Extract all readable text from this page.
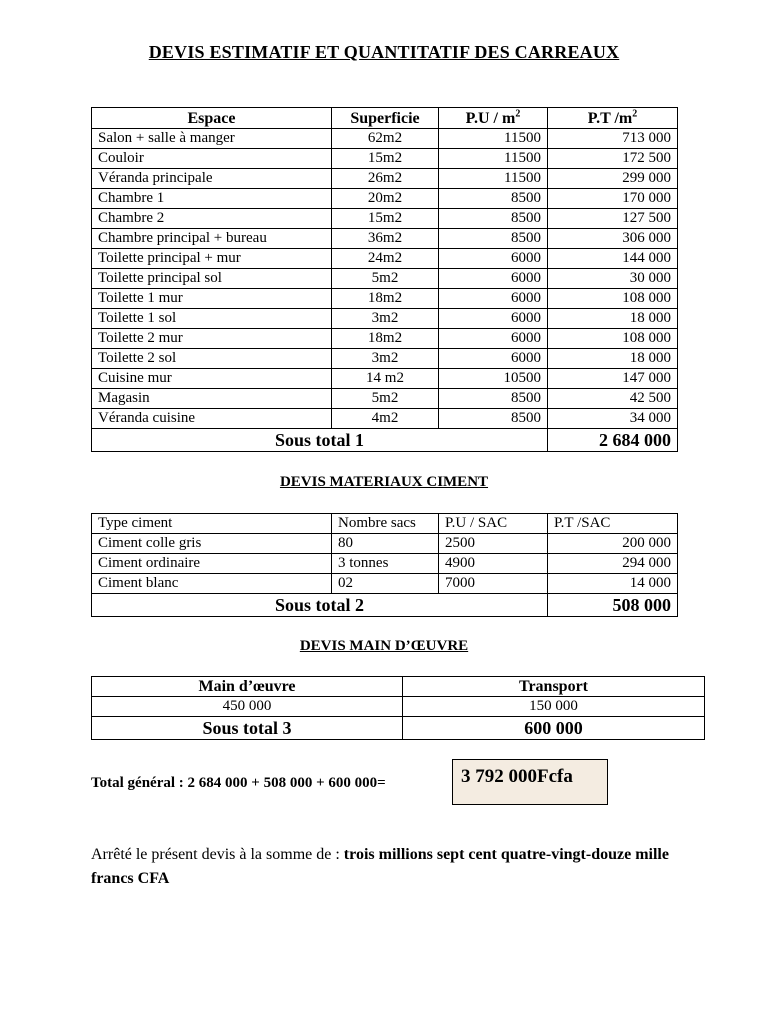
DEVIS ESTIMATIF ET QUANTITATIF DES CARREAUX
Espace	Superficie	$P.U / m^2$	P.T $/m^2$
Salon + salle à manger	62m2	11500	713 000
Couloir	15m2	11500	172 500
Véranda principale	26m2	11500	299 000
Chambre 1	20m2	8500	170 000
Chambre 2	15m2	8500	127 500
Chambre principal + bureau	36m2	8500	306 000
Toilette principal + mur	24m2	6000	144 000
Toilette principal sol	5m2	6000	30 000
Toilette 1 mur	18m2	6000	108 000
Toilette 1 sol	3m2	6000	18 000
Toilette 2 mur	18m2	6000	108 000
Toilette 2 sol	3m2	6000	18 000
Cuisine mur	14 m2	10500	147 000
Magasin	5m2	8500	42 500
Véranda cuisine	4m2	8500	34 000
Sous total 1			2 684 000
DEVIS MATERIAUX CIMENT
Type ciment	Nombre sacs	P.U / SAC	P.T /SAC
Ciment colle gris	80	2500	200 000
Ciment ordinaire	3 tonnes	4900	294 000
Ciment blanc	02	7000	14 000
Sous total 2			508 000
DEVIS MAIN D’ŒUVRE
Main d’œuvre	Transport
450 000	150 000
Sous total 3	600 000
Total général : 2 684 000 + 508 000 + 600 000=	3 792 000Fcfa

Arrêté le présent devis à la somme de : trois millions sept cent quatre-vingt-douze mille francs CFA
